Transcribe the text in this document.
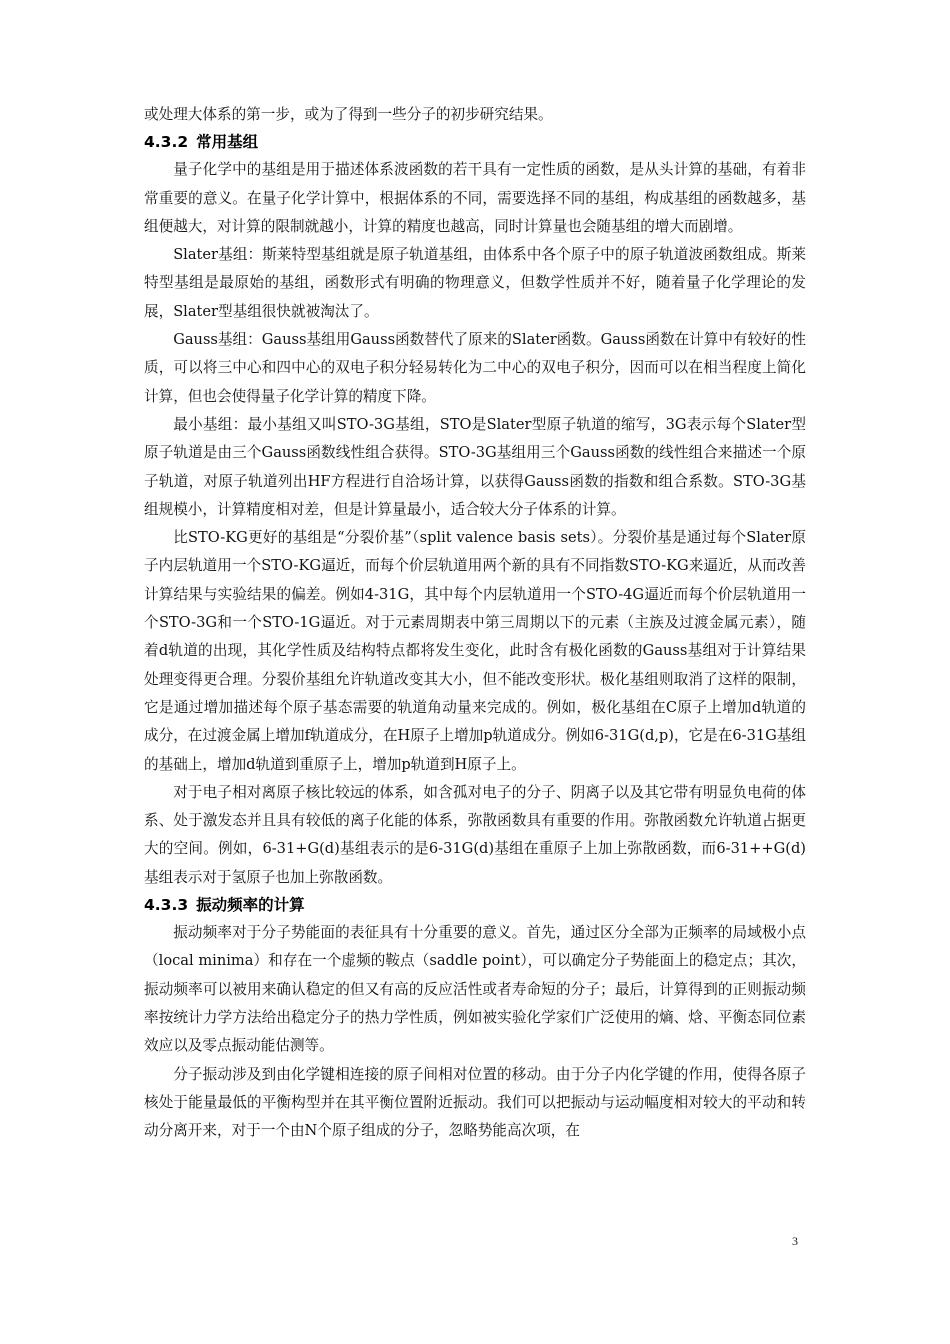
或处理大体系的第一步，或为了得到一些分子的初步研究结果。

4.3.2 常用基组

量子化学中的基组是用于描述体系波函数的若干具有一定性质的函数，是从头计算的基础，有着非常重要的意义。在量子化学计算中，根据体系的不同，需要选择不同的基组，构成基组的函数越多，基组便越大，对计算的限制就越小，计算的精度也越高，同时计算量也会随基组的增大而剧增。

Slater基组：斯莱特型基组就是原子轨道基组，由体系中各个原子中的原子轨道波函数组成。斯莱特型基组是最原始的基组，函数形式有明确的物理意义，但数学性质并不好，随着量子化学理论的发展，Slater型基组很快就被淘汰了。

Gauss基组：Gauss基组用Gauss函数替代了原来的Slater函数。Gauss函数在计算中有较好的性质，可以将三中心和四中心的双电子积分轻易转化为二中心的双电子积分，因而可以在相当程度上简化计算，但也会使得量子化学计算的精度下降。

最小基组：最小基组又叫STO-3G基组，STO是Slater型原子轨道的缩写，3G表示每个Slater型原子轨道是由三个Gauss函数线性组合获得。STO-3G基组用三个Gauss函数的线性组合来描述一个原子轨道，对原子轨道列出HF方程进行自洽场计算，以获得Gauss函数的指数和组合系数。STO-3G基组规模小，计算精度相对差，但是计算量最小，适合较大分子体系的计算。

比STO-KG更好的基组是“分裂价基”（split valence basis sets）。分裂价基是通过每个Slater原子内层轨道用一个STO-KG逼近，而每个价层轨道用两个新的具有不同指数STO-KG来逼近，从而改善计算结果与实验结果的偏差。例如4-31G，其中每个内层轨道用一个STO-4G逼近而每个价层轨道用一个STO-3G和一个STO-1G逼近。对于元素周期表中第三周期以下的元素（主族及过渡金属元素），随着d轨道的出现，其化学性质及结构特点都将发生变化，此时含有极化函数的Gauss基组对于计算结果处理变得更合理。分裂价基组允许轨道改变其大小，但不能改变形状。极化基组则取消了这样的限制，它是通过增加描述每个原子基态需要的轨道角动量来完成的。例如，极化基组在C原子上增加d轨道的成分，在过渡金属上增加f轨道成分，在H原子上增加p轨道成分。例如6-31G(d,p)，它是在6-31G基组的基础上，增加d轨道到重原子上，增加p轨道到H原子上。

对于电子相对离原子核比较远的体系，如含孤对电子的分子、阴离子以及其它带有明显负电荷的体系、处于激发态并且具有较低的离子化能的体系，弥散函数具有重要的作用。弥散函数允许轨道占据更大的空间。例如，6-31+G(d)基组表示的是6-31G(d)基组在重原子上加上弥散函数，而6-31++G(d)基组表示对于氢原子也加上弥散函数。

4.3.3 振动频率的计算

振动频率对于分子势能面的表征具有十分重要的意义。首先，通过区分全部为正频率的局域极小点（local minima）和存在一个虚频的鞍点（saddle point），可以确定分子势能面上的稳定点；其次，振动频率可以被用来确认稳定的但又有高的反应活性或者寿命短的分子；最后，计算得到的正则振动频率按统计力学方法给出稳定分子的热力学性质，例如被实验化学家们广泛使用的熵、焓、平衡态同位素效应以及零点振动能估测等。

分子振动涉及到由化学键相连接的原子间相对位置的移动。由于分子内化学键的作用，使得各原子核处于能量最低的平衡构型并在其平衡位置附近振动。我们可以把振动与运动幅度相对较大的平动和转动分离开来，对于一个由N个原子组成的分子，忽略势能高次项，在

3
